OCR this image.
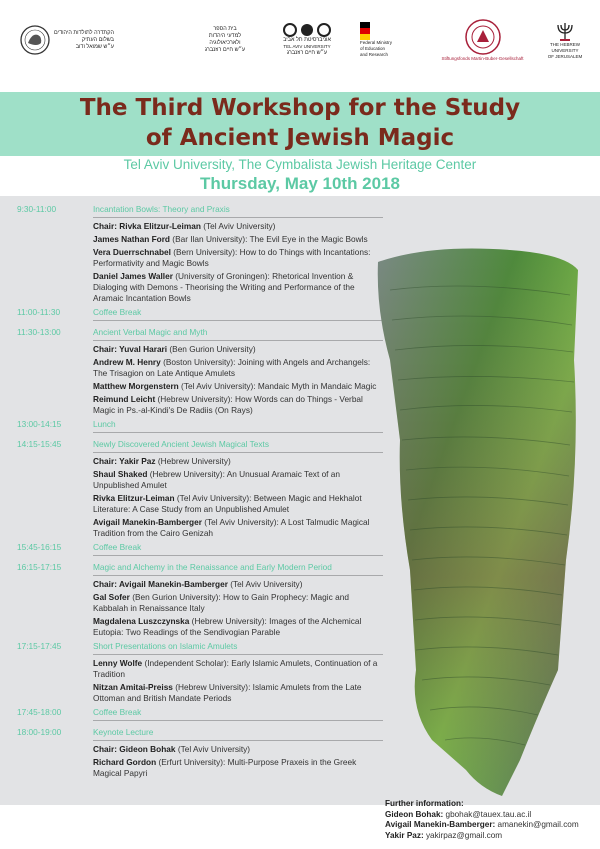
הקתדרה לתולדות היהודים
בשלום העתיק
ע״ש שמואל ודוב
בית הספר
למדעי היהדות
ולארכיאולוגיה
ע״ש חיים רוזנברג
אוניברסיטת תל אביב
TEL AVIV UNIVERSITY
ע״ש חיים רוזנברג
Federal Ministry
of Education
and Research
Stiftungsfonds Martin-Buber-Gesellschaft
THE HEBREW
UNIVERSITY
OF JERUSALEM
The Third Workshop for the Study
of Ancient Jewish Magic
Tel Aviv University, The Cymbalista Jewish Heritage Center
Thursday, May 10th 2018
9:30-11:00	Incantation Bowls: Theory and Praxis
Chair: Rivka Elitzur-Leiman (Tel Aviv University)
James Nathan Ford (Bar Ilan University): The Evil Eye in the Magic Bowls
Vera Duerrschnabel (Bern University): How to do Things with Incantations: Performativity and Magic Bowls
Daniel James Waller (University of Groningen): Rhetorical Invention & Dialoging with Demons - Theorising the Writing and Performance of the Aramaic Incantation Bowls
11:00-11:30	Coffee Break
11:30-13:00	Ancient Verbal Magic and Myth
Chair: Yuval Harari (Ben Gurion University)
Andrew M. Henry (Boston University): Joining with Angels and Archangels: The Trisagion on Late Antique Amulets
Matthew Morgenstern (Tel Aviv University): Mandaic Myth in Mandaic Magic
Reimund Leicht (Hebrew University): How Words can do Things - Verbal Magic in Ps.-al-Kindi's De Radiis (On Rays)
13:00-14:15	Lunch
14:15-15:45	Newly Discovered Ancient Jewish Magical Texts
Chair: Yakir Paz (Hebrew University)
Shaul Shaked (Hebrew University): An Unusual Aramaic Text of an Unpublished Amulet
Rivka Elitzur-Leiman (Tel Aviv University): Between Magic and Hekhalot Literature: A Case Study from an Unpublished Amulet
Avigail Manekin-Bamberger (Tel Aviv University): A Lost Talmudic Magical Tradition from the Cairo Genizah
15:45-16:15	Coffee Break
16:15-17:15	Magic and Alchemy in the Renaissance and Early Modern Period
Chair: Avigail Manekin-Bamberger (Tel Aviv University)
Gal Sofer (Ben Gurion University): How to Gain Prophecy: Magic and Kabbalah in Renaissance Italy
Magdalena Luszczynska (Hebrew University): Images of the Alchemical Eutopia: Two Readings of the Sendivogian Parable
17:15-17:45	Short Presentations on Islamic Amulets
Lenny Wolfe (Independent Scholar): Early Islamic Amulets, Continuation of a Tradition
Nitzan Amitai-Preiss (Hebrew University): Islamic Amulets from the Late Ottoman and British Mandate Periods
17:45-18:00	Coffee Break
18:00-19:00	Keynote Lecture
Chair: Gideon Bohak (Tel Aviv University)
Richard Gordon (Erfurt University): Multi-Purpose Praxeis in the Greek Magical Papyri
Further information:
Gideon Bohak: gbohak@tauex.tau.ac.il
Avigail Manekin-Bamberger: amanekin@gmail.com
Yakir Paz: yakirpaz@gmail.com
